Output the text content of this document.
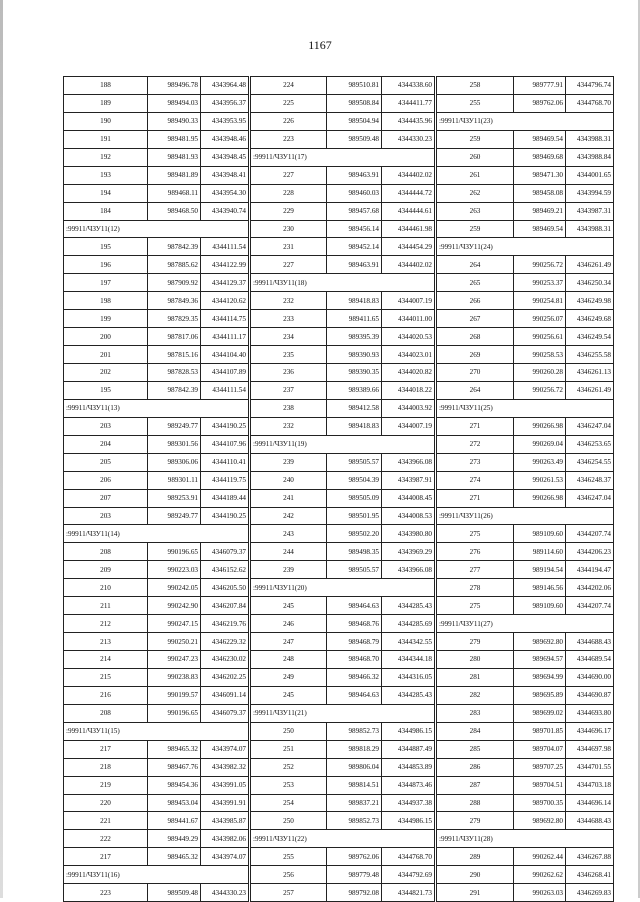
1167
188	989496.78	4343964.48	224	989510.81	4344338.60	258	989777.91	4344796.74
189	989494.03	4343956.37	225	989508.84	4344411.77	255	989762.06	4344768.70
190	989490.33	4343953.95	226	989504.94	4344435.96	:99911/ЧЗУ11(23)		
191	989481.95	4343948.46	223	989509.48	4344330.23	259	989469.54	4343988.31
192	989481.93	4343948.45	:99911/ЧЗУ11(17)			260	989469.68	4343988.84
193	989481.89	4343948.41	227	989463.91	4344402.02	261	989471.30	4344001.65
194	989468.11	4343954.30	228	989460.03	4344444.72	262	989458.08	4343994.59
184	989468.50	4343940.74	229	989457.68	4344444.61	263	989469.21	4343987.31
:99911/ЧЗУ11(12)			230	989456.14	4344461.98	259	989469.54	4343988.31
195	987842.39	4344111.54	231	989452.14	4344454.29	:99911/ЧЗУ11(24)		
196	987885.62	4344122.99	227	989463.91	4344402.02	264	990256.72	4346261.49
197	987909.92	4344129.37	:99911/ЧЗУ11(18)			265	990253.37	4346250.34
198	987849.36	4344120.62	232	989418.83	4344007.19	266	990254.81	4346249.98
199	987829.35	4344114.75	233	989411.65	4344011.00	267	990256.07	4346249.68
200	987817.06	4344111.17	234	989395.39	4344020.53	268	990256.61	4346249.54
201	987815.16	4344104.40	235	989390.93	4344023.01	269	990258.53	4346255.58
202	987828.53	4344107.89	236	989390.35	4344020.82	270	990260.28	4346261.13
195	987842.39	4344111.54	237	989389.66	4344018.22	264	990256.72	4346261.49
:99911/ЧЗУ11(13)			238	989412.58	4344003.92	:99911/ЧЗУ11(25)		
203	989249.77	4344190.25	232	989418.83	4344007.19	271	990266.98	4346247.04
204	989301.56	4344107.96	:99911/ЧЗУ11(19)			272	990269.04	4346253.65
205	989306.06	4344110.41	239	989505.57	4343966.08	273	990263.49	4346254.55
206	989301.11	4344119.75	240	989504.39	4343987.91	274	990261.53	4346248.37
207	989253.91	4344189.44	241	989505.09	4344008.45	271	990266.98	4346247.04
203	989249.77	4344190.25	242	989501.95	4344008.53	:99911/ЧЗУ11(26)		
:99911/ЧЗУ11(14)			243	989502.20	4343980.80	275	989109.60	4344207.74
208	990196.65	4346079.37	244	989498.35	4343969.29	276	989114.60	4344206.23
209	990223.03	4346152.62	239	989505.57	4343966.08	277	989194.54	4344194.47
210	990242.05	4346205.50	:99911/ЧЗУ11(20)			278	989146.56	4344202.06
211	990242.90	4346207.84	245	989464.63	4344285.43	275	989109.60	4344207.74
212	990247.15	4346219.76	246	989468.76	4344285.69	:99911/ЧЗУ11(27)		
213	990250.21	4346229.32	247	989468.79	4344342.55	279	989692.80	4344688.43
214	990247.23	4346230.02	248	989468.70	4344344.18	280	989694.57	4344689.54
215	990238.83	4346202.25	249	989466.32	4344316.05	281	989694.99	4344690.00
216	990199.57	4346091.14	245	989464.63	4344285.43	282	989695.89	4344690.87
208	990196.65	4346079.37	:99911/ЧЗУ11(21)			283	989699.02	4344693.80
:99911/ЧЗУ11(15)			250	989852.73	4344986.15	284	989701.85	4344696.17
217	989465.32	4343974.07	251	989818.29	4344887.49	285	989704.07	4344697.98
218	989467.76	4343982.32	252	989806.04	4344853.89	286	989707.25	4344701.55
219	989454.36	4343991.05	253	989814.51	4344873.46	287	989704.51	4344703.18
220	989453.04	4343991.91	254	989837.21	4344937.38	288	989700.35	4344696.14
221	989441.67	4343985.87	250	989852.73	4344986.15	279	989692.80	4344688.43
222	989449.29	4343982.06	:99911/ЧЗУ11(22)			:99911/ЧЗУ11(28)		
217	989465.32	4343974.07	255	989762.06	4344768.70	289	990262.44	4346267.88
:99911/ЧЗУ11(16)			256	989779.48	4344792.69	290	990262.62	4346268.41
223	989509.48	4344330.23	257	989792.08	4344821.73	291	990263.03	4346269.83
